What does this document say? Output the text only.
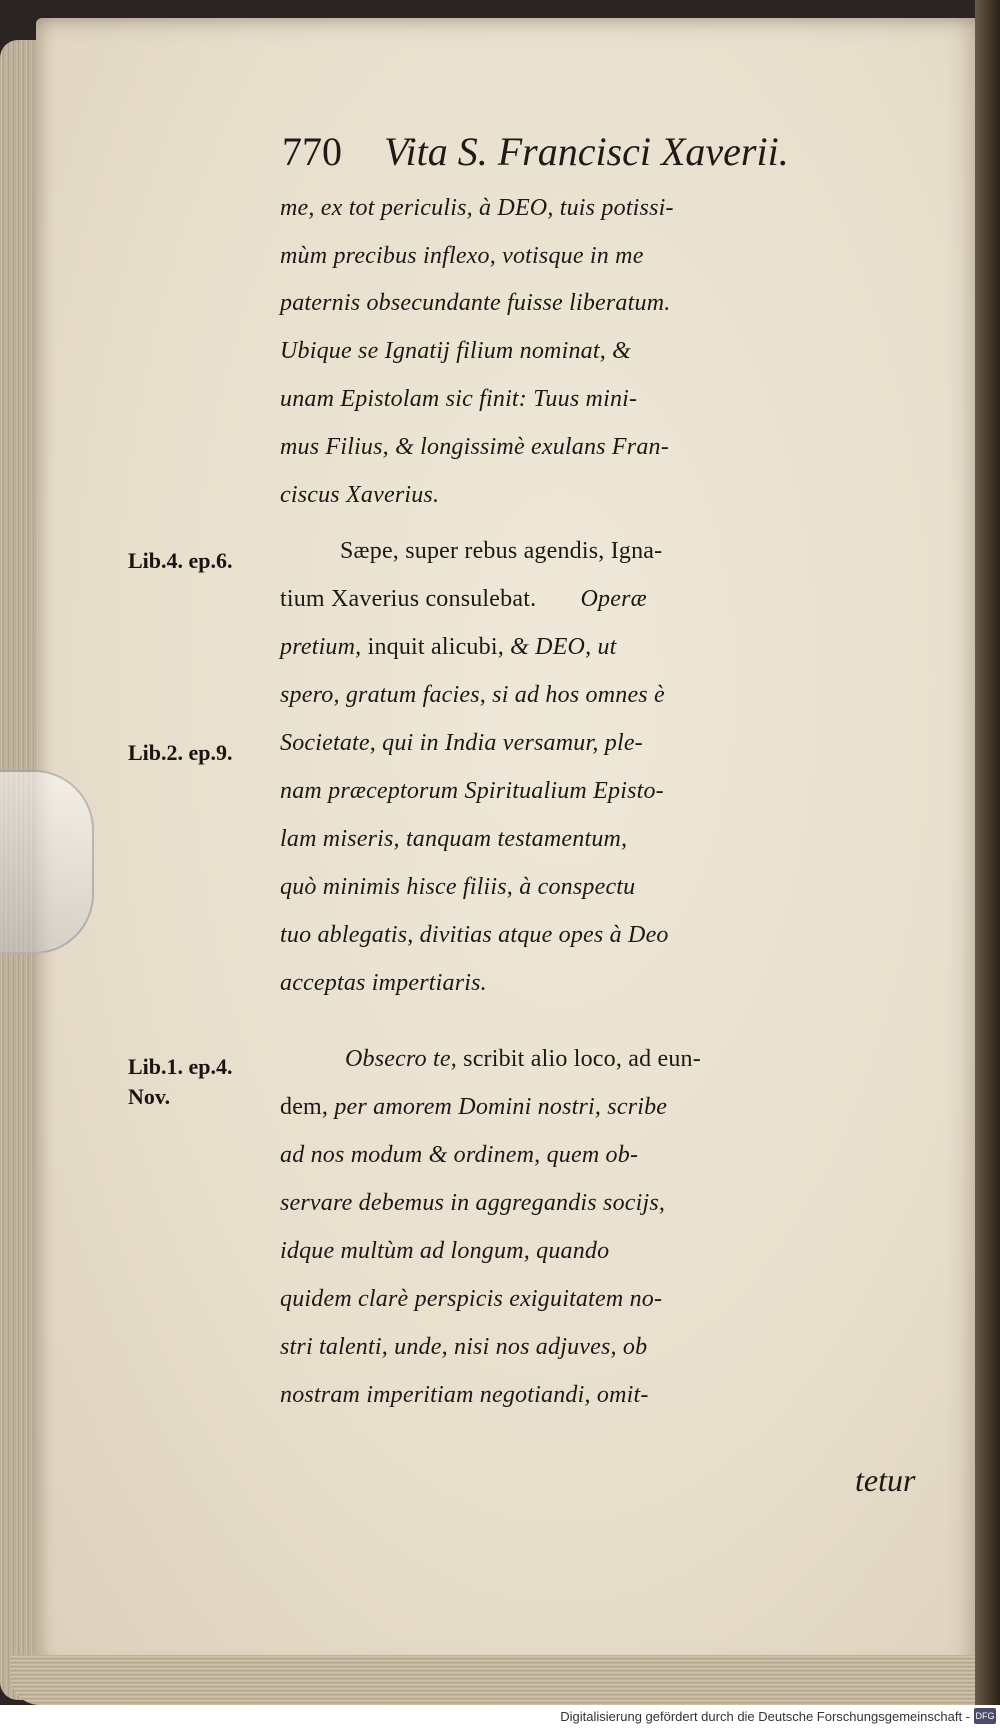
770 Vita S. Francisci Xaverii.
me, ex tot periculis, à DEO, tuis potissi-
mùm precibus inflexo, votisque in me
paternis obsecundante fuisse liberatum.
Ubique se Ignatij filium nominat, &
unam Epistolam sic finit: Tuus mini-
mus Filius, & longissimè exulans Fran-
ciscus Xaverius.
Lib.4. ep.6.	Sæpe, super rebus agendis, Igna-
tium Xaverius consulebat. Operæ
pretium, inquit alicubi, & DEO, ut
spero, gratum facies, si ad hos omnes è
Lib.2. ep.9. Societate, qui in India versamur, ple-
nam præceptorum Spiritualium Episto-
lam miseris, tanquam testamentum,
quò minimis hisce filiis, à conspectu
tuo ablegatis, divitias atque opes à Deo
acceptas impertiaris.
Lib.1. ep.4.
Nov.
Obsecro te, scribit alio loco, ad eun-
dem, per amorem Domini nostri, scribe
ad nos modum & ordinem, quem ob-
servare debemus in aggregandis socijs,
idque multùm ad longum, quando
quidem clarè perspicis exiguitatem no-
stri talenti, unde, nisi nos adjuves, ob
nostram imperitiam negotiandi, omit-
tetur
Digitalisierung gefördert durch die Deutsche Forschungsgemeinschaft - DFG
